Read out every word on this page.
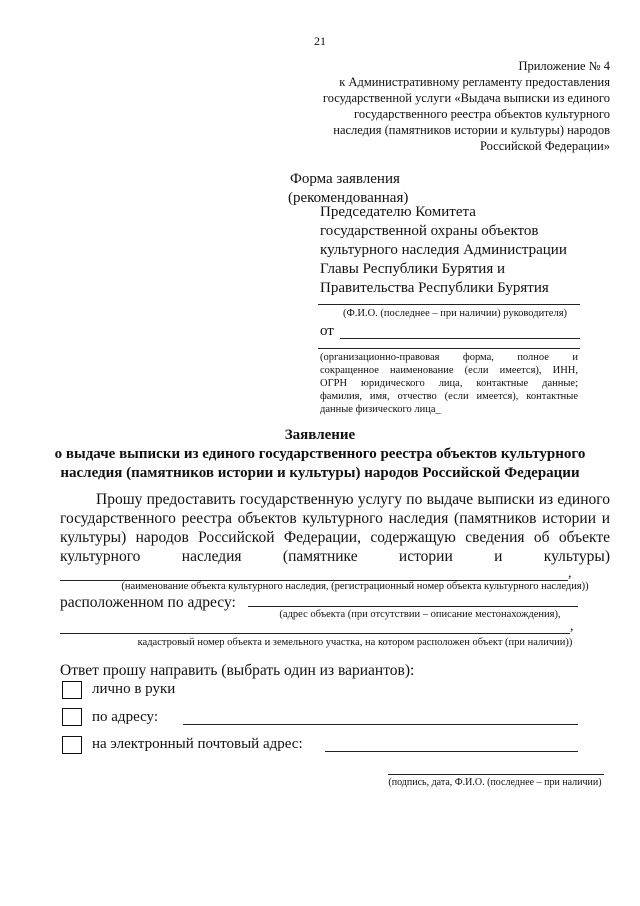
21
Приложение № 4
к Административному регламенту предоставления
государственной услуги «Выдача выписки из единого
государственного реестра объектов культурного
наследия (памятников истории и культуры) народов
Российской Федерации»
Форма заявления
(рекомендованная)
Председателю Комитета
государственной охраны объектов
культурного наследия Администрации
Главы Республики Бурятия и
Правительства Республики Бурятия
(Ф.И.О. (последнее – при наличии) руководителя)
от
(организационно-правовая форма, полное и
сокращенное наименование (если имеется), ИНН,
ОГРН юридического лица, контактные данные;
фамилия, имя, отчество (если имеется), контактные
данные физического лица_
Заявление
о выдаче выписки из единого государственного реестра объектов культурного
наследия (памятников истории и культуры) народов Российской Федерации
Прошу предоставить государственную услугу по выдаче выписки из единого
государственного реестра объектов культурного наследия (памятников истории и
культуры) народов Российской Федерации, содержащую сведения об объекте
культурного наследия (памятнике истории и культуры)
,
(наименование объекта культурного наследия, (регистрационный номер объекта культурного наследия))
расположенном по адресу:
(адрес объекта (при отсутствии – описание местонахождения),
,
кадастровый номер объекта и земельного участка, на котором расположен объект (при наличии))
Ответ прошу направить (выбрать один из вариантов):
лично в руки
по адресу:
на электронный почтовый адрес:
(подпись, дата, Ф.И.О. (последнее – при наличии)
